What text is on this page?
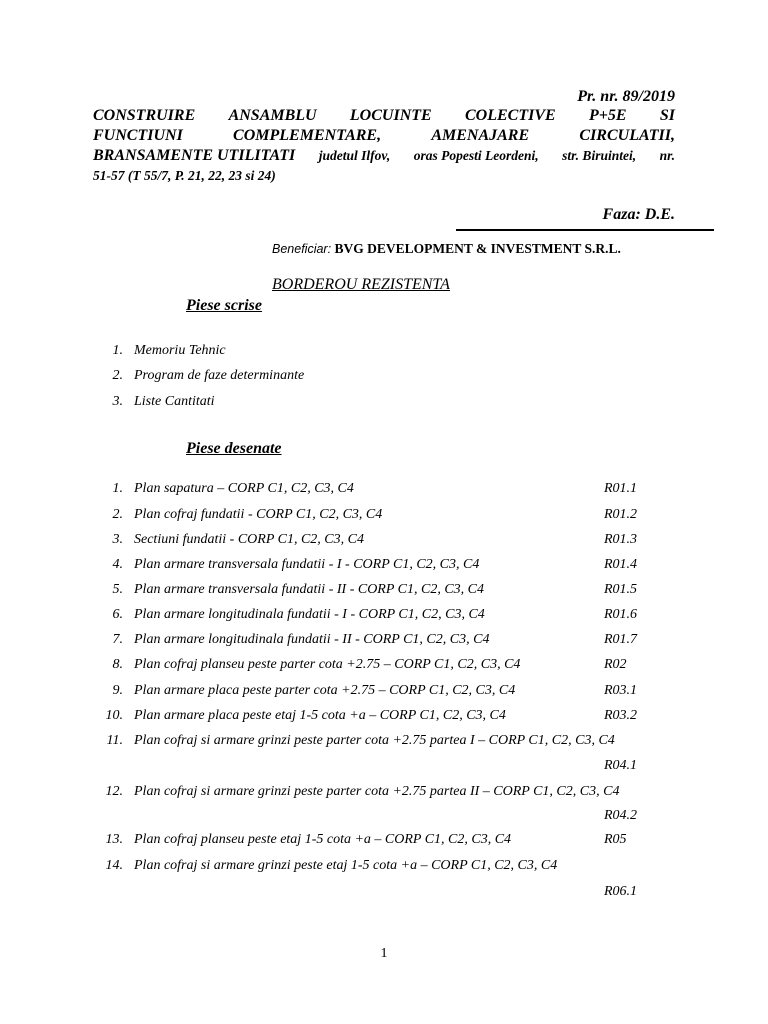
Pr. nr. 89/2019
CONSTRUIRE ANSAMBLU LOCUINTE COLECTIVE P+5E SI
FUNCTIUNI	COMPLEMENTARE,	AMENAJARE	CIRCULATII,
BRANSAMENTE UTILITATI judetul Ilfov, oras Popesti Leordeni, str. Biruintei, nr.
51-57 (T 55/7, P. 21, 22, 23 si 24)
Faza: D.E.
Beneficiar: BVG DEVELOPMENT & INVESTMENT S.R.L.
BORDEROU REZISTENTA
Piese scrise
1. Memoriu Tehnic
2. Program de faze determinante
3. Liste Cantitati
Piese desenate
1. Plan sapatura – CORP C1, C2, C3, C4	R01.1
2. Plan cofraj fundatii - CORP C1, C2, C3, C4	R01.2
3. Sectiuni fundatii - CORP C1, C2, C3, C4	R01.3
4. Plan armare transversala fundatii - I - CORP C1, C2, C3, C4	R01.4
5. Plan armare transversala fundatii - II - CORP C1, C2, C3, C4	R01.5
6. Plan armare longitudinala fundatii - I - CORP C1, C2, C3, C4	R01.6
7. Plan armare longitudinala fundatii - II - CORP C1, C2, C3, C4	R01.7
8. Plan cofraj planseu peste parter cota +2.75 – CORP C1, C2, C3, C4	R02
9. Plan armare placa peste parter cota +2.75 – CORP C1, C2, C3, C4	R03.1
10. Plan armare placa peste etaj 1-5 cota +a – CORP C1, C2, C3, C4	R03.2
11. Plan cofraj si armare grinzi peste parter cota +2.75 partea I – CORP C1, C2, C3, C4
R04.1
12. Plan cofraj si armare grinzi peste parter cota +2.75 partea II – CORP C1, C2, C3, C4
R04.2
13. Plan cofraj planseu peste etaj 1-5 cota +a – CORP C1, C2, C3, C4	R05
14. Plan cofraj si armare grinzi peste etaj 1-5 cota +a – CORP C1, C2, C3, C4
R06.1
1
